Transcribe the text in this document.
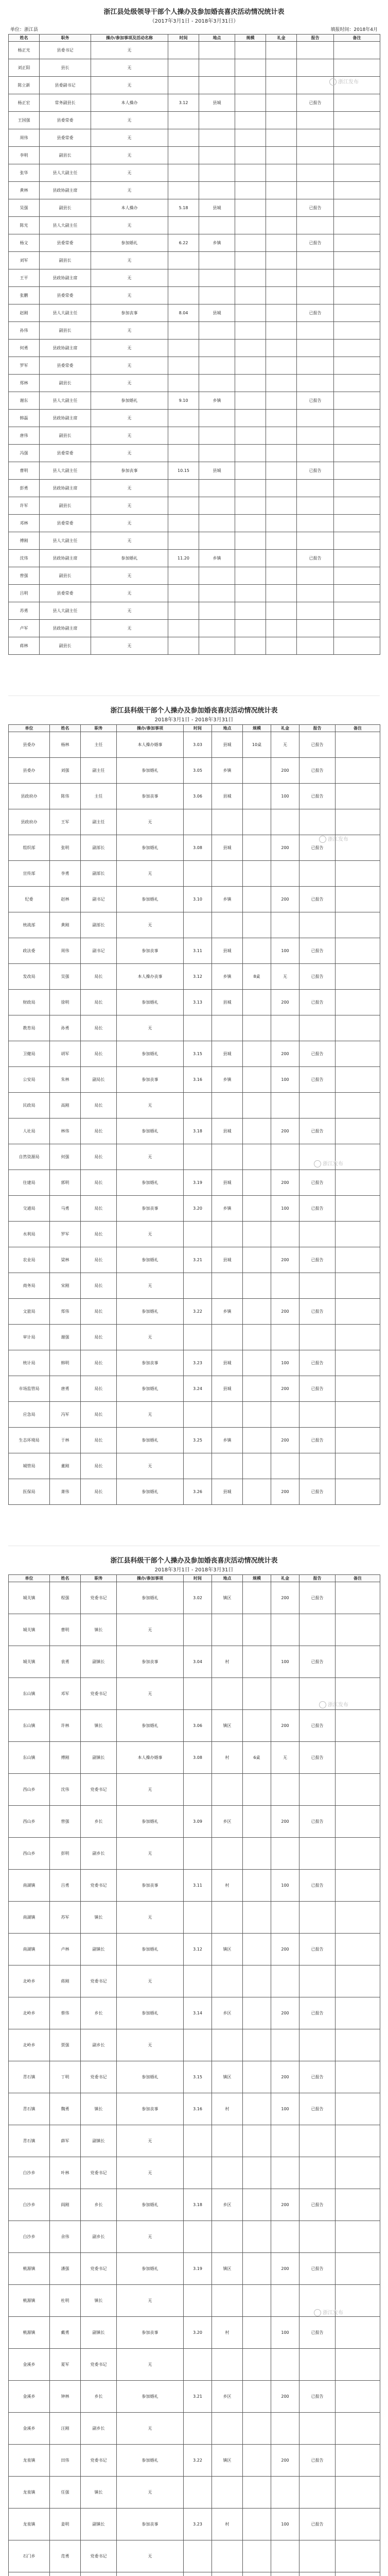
浙江县处级领导干部个人操办及参加婚丧喜庆活动情况统计表

（2017年3月1日 - 2018年3月31日）

单位：浙江县	填报时间：2018年4月
姓名	职务	操办/参加事项及活动名称	时间	地点	规模	礼金	报告	备注
杨正光	县委书记	无						
刘正阳	县长	无						
陈立新	县委副书记	无						
杨正宏	常务副县长	本人操办	3.12	县城			已报告	
王国强	县委常委	无						
周伟	县委常委	无						
李明	副县长	无						
张华	县人大副主任	无						
黄林	县政协副主席	无						
吴强	副县长	本人操办	5.18	县城			已报告	
陈光	县人大副主任	无						
杨文	县委常委	参加婚礼	6.22	乡镇			已报告	
刘军	副县长	无						
王平	县政协副主席	无						
张鹏	县委常委	无						
赵刚	县人大副主任	参加丧事	8.04	县城			已报告	
孙伟	副县长	无						
何勇	县政协副主席	无						
罗军	县委常委	无						
郑林	副县长	无						
谢东	县人大副主任	参加婚礼	9.10	乡镇			已报告	
韩磊	县政协副主席	无						
唐伟	副县长	无						
冯强	县委常委	无						
曹明	县人大副主任	参加丧事	10.15	县城			已报告	
彭勇	县政协副主席	无						
许军	副县长	无						
邓林	县委常委	无						
傅刚	县人大副主任	无						
沈伟	县政协副主席	参加婚礼	11.20	乡镇			已报告	
曾强	副县长	无						
吕明	县委常委	无						
苏勇	县人大副主任	无						
卢军	县政协副主席	无						
蒋林	副县长	无						

浙江县科级干部个人操办及参加婚丧喜庆活动情况统计表

2018年3月1日 - 2018年3月31日

单位	姓名	职务	操办/参加事项	时间	地点	规模	礼金	报告	备注
县委办	杨林	主任	本人操办婚事	3.03	县城	10桌	无	已报告	
县委办	刘强	副主任	参加婚礼	3.05	乡镇		200	已报告	
县政府办	陈伟	主任	参加丧事	3.06	县城		100	已报告	
县政府办	王军	副主任	无						
组织部	张明	副部长	参加婚礼	3.08	县城		200	已报告	
宣传部	李勇	副部长	无						
纪委	赵林	副书记	参加婚礼	3.10	乡镇		200	已报告	
统战部	黄刚	副部长	无						
政法委	周伟	副书记	参加丧事	3.11	县城		100	已报告	
发改局	吴强	局长	本人操办丧事	3.12	乡镇	8桌	无	已报告	
财政局	徐明	局长	参加婚礼	3.13	县城		200	已报告	
教育局	孙勇	局长	无						
卫健局	胡军	局长	参加婚礼	3.15	县城		200	已报告	
公安局	朱林	副局长	参加丧事	3.16	乡镇		100	已报告	
民政局	高刚	局长	无						
人社局	林伟	局长	参加婚礼	3.18	县城		200	已报告	
自然资源局	何强	局长	无						
住建局	郭明	局长	参加婚礼	3.19	县城		200	已报告	
交通局	马勇	局长	参加丧事	3.20	乡镇		100	已报告	
水利局	罗军	局长	无						
农业局	梁林	局长	参加婚礼	3.21	县城		200	已报告	
商务局	宋刚	局长	无						
文旅局	郑伟	局长	参加婚礼	3.22	乡镇		200	已报告	
审计局	谢强	局长	无						
统计局	韩明	局长	参加丧事	3.23	县城		100	已报告	
市场监管局	唐勇	局长	参加婚礼	3.24	县城		200	已报告	
应急局	冯军	局长	无						
生态环境局	于林	局长	参加婚礼	3.25	乡镇		200	已报告	
城管局	董刚	局长	无						
医保局	萧伟	局长	参加婚礼	3.26	县城		200	已报告	

浙江县科级干部个人操办及参加婚丧喜庆活动情况统计表

2018年3月1日 - 2018年3月31日

单位	姓名	职务	操办/参加事项	时间	地点	规模	礼金	报告	备注
城关镇	程强	党委书记	参加婚礼	3.02	镇区		200	已报告	
城关镇	曹明	镇长	无						
城关镇	袁勇	副镇长	参加丧事	3.04	村		100	已报告	
东山镇	邓军	党委书记	无						
东山镇	许林	镇长	参加婚礼	3.06	镇区		200	已报告	
东山镇	傅刚	副镇长	本人操办婚事	3.08	村	6桌	无	已报告	
西山乡	沈伟	党委书记	无						
西山乡	曾强	乡长	参加婚礼	3.09	乡区		200	已报告	
西山乡	彭明	副乡长	无						
南湖镇	吕勇	党委书记	参加丧事	3.11	村		100	已报告	
南湖镇	苏军	镇长	无						
南湖镇	卢林	副镇长	参加婚礼	3.12	镇区		200	已报告	
北岭乡	蒋刚	党委书记	无						
北岭乡	蔡伟	乡长	参加婚礼	3.14	乡区		200	已报告	
北岭乡	贾强	副乡长	无						
青石镇	丁明	党委书记	参加婚礼	3.15	镇区		200	已报告	
青石镇	魏勇	镇长	参加丧事	3.16	村		100	已报告	
青石镇	薛军	副镇长	无						
白沙乡	叶林	党委书记	无						
白沙乡	阎刚	乡长	参加婚礼	3.18	乡区		200	已报告	
白沙乡	余伟	副乡长	无						
桃源镇	潘强	党委书记	参加婚礼	3.19	镇区		200	已报告	
桃源镇	杜明	镇长	无						
桃源镇	戴勇	副镇长	参加丧事	3.20	村		100	已报告	
金溪乡	夏军	党委书记	无						
金溪乡	钟林	乡长	参加婚礼	3.21	乡区		200	已报告	
金溪乡	汪刚	副乡长	无						
龙泉镇	田伟	党委书记	参加婚礼	3.22	镇区		200	已报告	
龙泉镇	任强	镇长	无						
龙泉镇	姜明	副镇长	参加丧事	3.23	村		100	已报告	
石门乡	范勇	党委书记	无						

浙江发布
浙江发布
浙江发布
浙江发布
浙江发布
